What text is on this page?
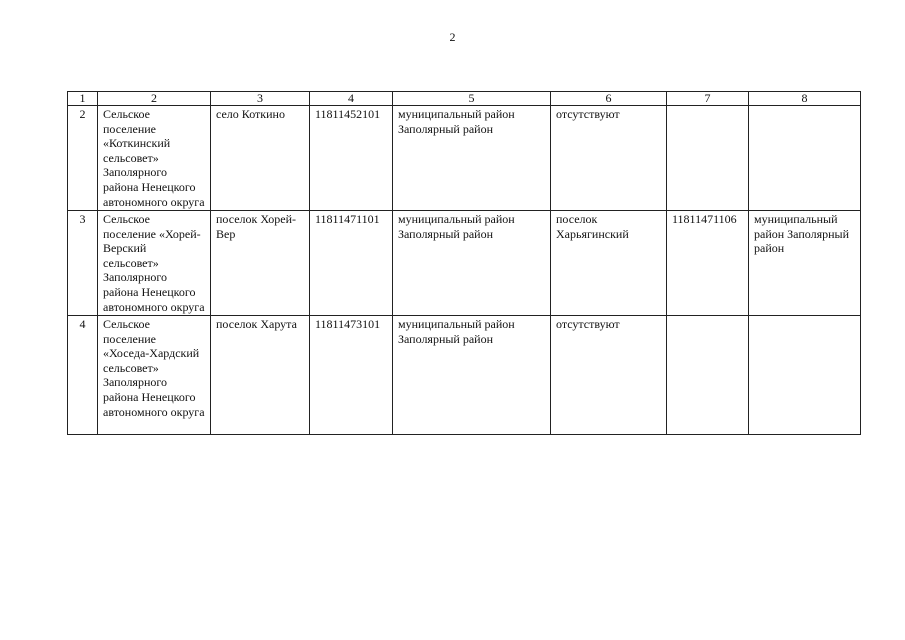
2
1	2	3	4	5	6	7	8
2	Сельское поселение «Коткинский сельсовет» Заполярного района Ненецкого автономного округа	село Коткино	11811452101	муниципальный район Заполярный район	отсутствуют		
3	Сельское поселение «Хорей-Верский сельсовет» Заполярного района Ненецкого автономного округа	поселок Хорей-Вер	11811471101	муниципальный район Заполярный район	поселок Харьягинский	11811471106	муниципальный район Заполярный район
4	Сельское поселение «Хоседа-Хардский сельсовет» Заполярного района Ненецкого автономного округа	поселок Харута	11811473101	муниципальный район Заполярный район	отсутствуют		
